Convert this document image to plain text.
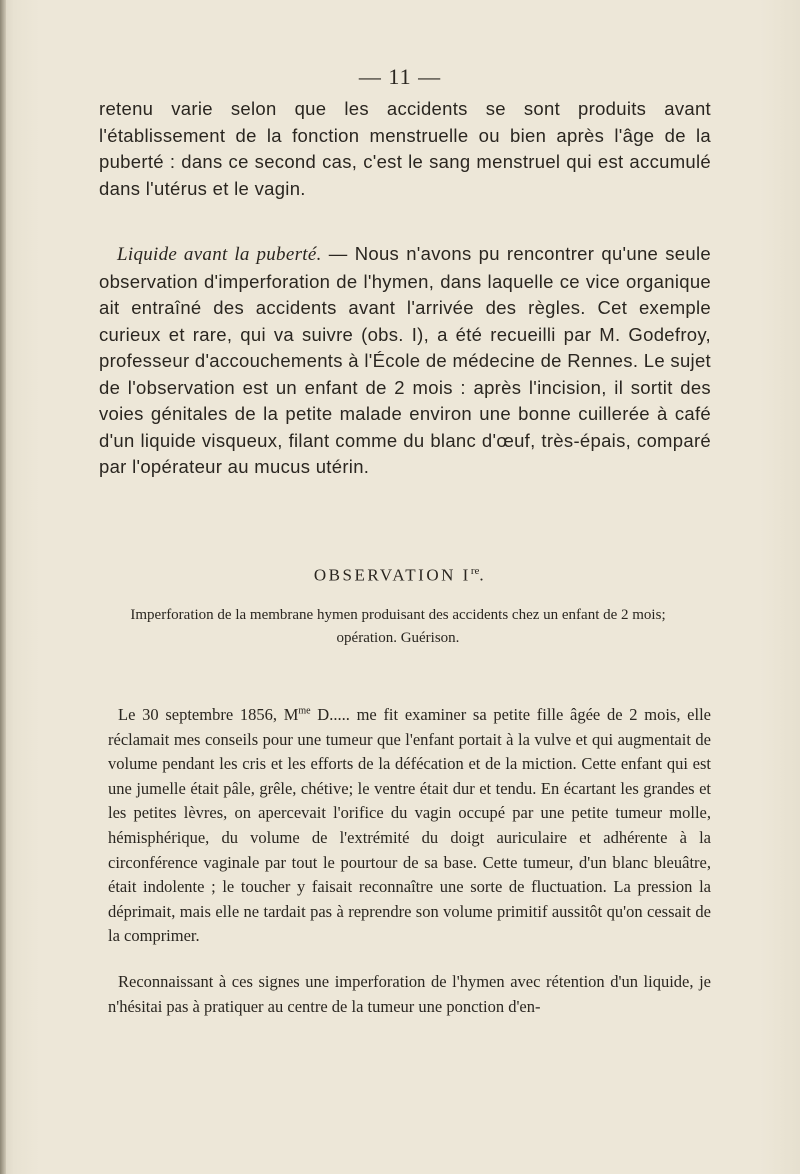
— 11 —

retenu varie selon que les accidents se sont produits avant l'établissement de la fonction menstruelle ou bien après l'âge de la puberté : dans ce second cas, c'est le sang menstruel qui est accumulé dans l'utérus et le vagin.

Liquide avant la puberté. — Nous n'avons pu rencontrer qu'une seule observation d'imperforation de l'hymen, dans laquelle ce vice organique ait entraîné des accidents avant l'arrivée des règles. Cet exemple curieux et rare, qui va suivre (obs. I), a été recueilli par M. Godefroy, professeur d'accouchements à l'École de médecine de Rennes. Le sujet de l'observation est un enfant de 2 mois : après l'incision, il sortit des voies génitales de la petite malade environ une bonne cuillerée à café d'un liquide visqueux, filant comme du blanc d'œuf, très-épais, comparé par l'opérateur au mucus utérin.

OBSERVATION Ire.
Imperforation de la membrane hymen produisant des accidents chez un enfant de 2 mois; opération. Guérison.

Le 30 septembre 1856, $M^{me}$ D..... me fit examiner sa petite fille âgée de 2 mois, elle réclamait mes conseils pour une tumeur que l'enfant portait à la vulve et qui augmentait de volume pendant les cris et les efforts de la défécation et de la miction. Cette enfant qui est une jumelle était pâle, grêle, chétive; le ventre était dur et tendu. En écartant les grandes et les petites lèvres, on apercevait l'orifice du vagin occupé par une petite tumeur molle, hémisphérique, du volume de l'extrémité du doigt auriculaire et adhérente à la circonférence vaginale par tout le pourtour de sa base. Cette tumeur, d'un blanc bleuâtre, était indolente ; le toucher y faisait reconnaître une sorte de fluctuation. La pression la déprimait, mais elle ne tardait pas à reprendre son volume primitif aussitôt qu'on cessait de la comprimer.

Reconnaissant à ces signes une imperforation de l'hymen avec rétention d'un liquide, je n'hésitai pas à pratiquer au centre de la tumeur une ponction d'en-
